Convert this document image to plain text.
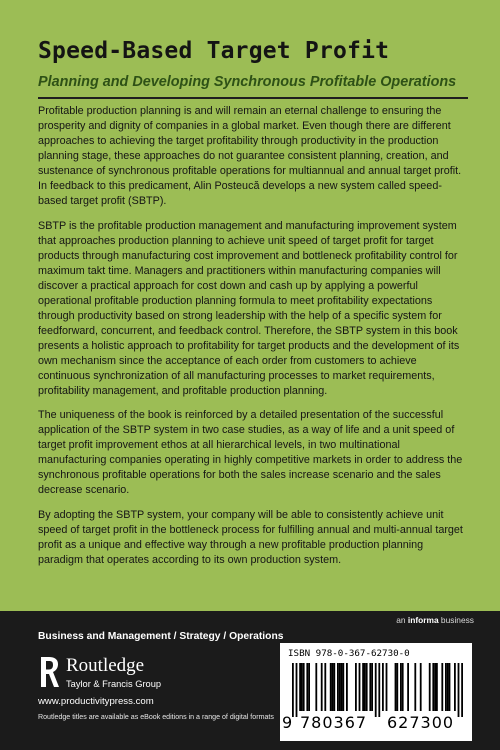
Speed-Based Target Profit
Planning and Developing Synchronous Profitable Operations

Profitable production planning is and will remain an eternal challenge to ensuring the prosperity and dignity of companies in a global market. Even though there are different approaches to achieving the target profitability through productivity in the production planning stage, these approaches do not guarantee consistent planning, creation, and sustenance of synchronous profitable operations for multiannual and annual target profit. In feedback to this predicament, Alin Posteucă develops a new system called speed-based target profit (SBTP).

SBTP is the profitable production management and manufacturing improvement system that approaches production planning to achieve unit speed of target profit for target products through manufacturing cost improvement and bottleneck profitability control for maximum takt time. Managers and practitioners within manufacturing companies will discover a practical approach for cost down and cash up by applying a powerful operational profitable production planning formula to meet profitability expectations through productivity based on strong leadership with the help of a specific system for feedforward, concurrent, and feedback control. Therefore, the SBTP system in this book presents a holistic approach to profitability for target products and the development of its own mechanism since the acceptance of each order from customers to achieve continuous synchronization of all manufacturing processes to market requirements, profitability management, and profitable production planning.

The uniqueness of the book is reinforced by a detailed presentation of the successful application of the SBTP system in two case studies, as a way of life and a unit speed of target profit improvement ethos at all hierarchical levels, in two multinational manufacturing companies operating in highly competitive markets in order to address the synchronous profitable operations for both the sales increase scenario and the sales decrease scenario.

By adopting the SBTP system, your company will be able to consistently achieve unit speed of target profit in the bottleneck process for fulfilling annual and multi-annual target profit as a unique and effective way through a new profitable production planning paradigm that operates according to its own production system.

an informa business
Business and Management / Strategy / Operations
Routledge
Taylor & Francis Group
www.productivitypress.com
Routledge titles are available as eBook editions in a range of digital formats
ISBN 978-0-367-62730-0
9 780367 627300
